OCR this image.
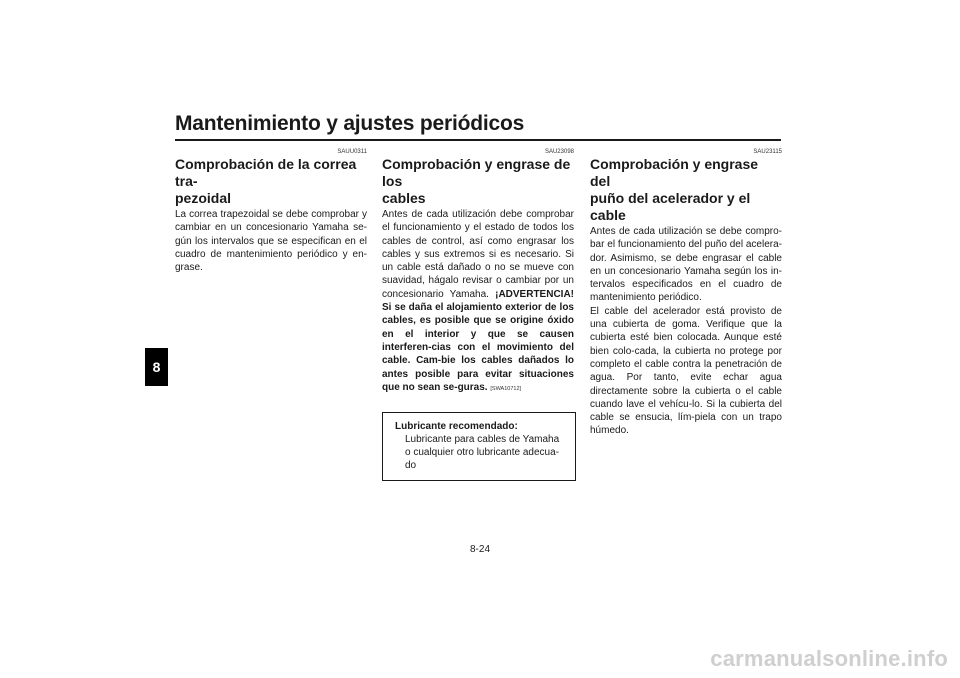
Mantenimiento y ajustes periódicos
8
SAUU0311
Comprobación de la correa tra-
pezoidal

La correa trapezoidal se debe comprobar y cambiar en un concesionario Yamaha se-gún los intervalos que se especifican en el cuadro de mantenimiento periódico y en-grase.

SAU23098
Comprobación y engrase de los
cables

Antes de cada utilización debe comprobar el funcionamiento y el estado de todos los cables de control, así como engrasar los cables y sus extremos si es necesario. Si un cable está dañado o no se mueve con suavidad, hágalo revisar o cambiar por un concesionario Yamaha. ¡ADVERTENCIA! Si se daña el alojamiento exterior de los cables, es posible que se origine óxido en el interior y que se causen interferen-cias con el movimiento del cable. Cam-bie los cables dañados lo antes posible para evitar situaciones que no sean se-guras. [SWA10712]

Lubricante recomendado:
Lubricante para cables de Yamaha o cualquier otro lubricante adecua-do
SAU23115
Comprobación y engrase del
puño del acelerador y el cable

Antes de cada utilización se debe compro-bar el funcionamiento del puño del acelera-dor. Asimismo, se debe engrasar el cable en un concesionario Yamaha según los in-tervalos especificados en el cuadro de mantenimiento periódico.

El cable del acelerador está provisto de una cubierta de goma. Verifique que la cubierta esté bien colocada. Aunque esté bien colo-cada, la cubierta no protege por completo el cable contra la penetración de agua. Por tanto, evite echar agua directamente sobre la cubierta o el cable cuando lave el vehícu-lo. Si la cubierta del cable se ensucia, lím-piela con un trapo húmedo.

8-24
carmanualsonline.info
